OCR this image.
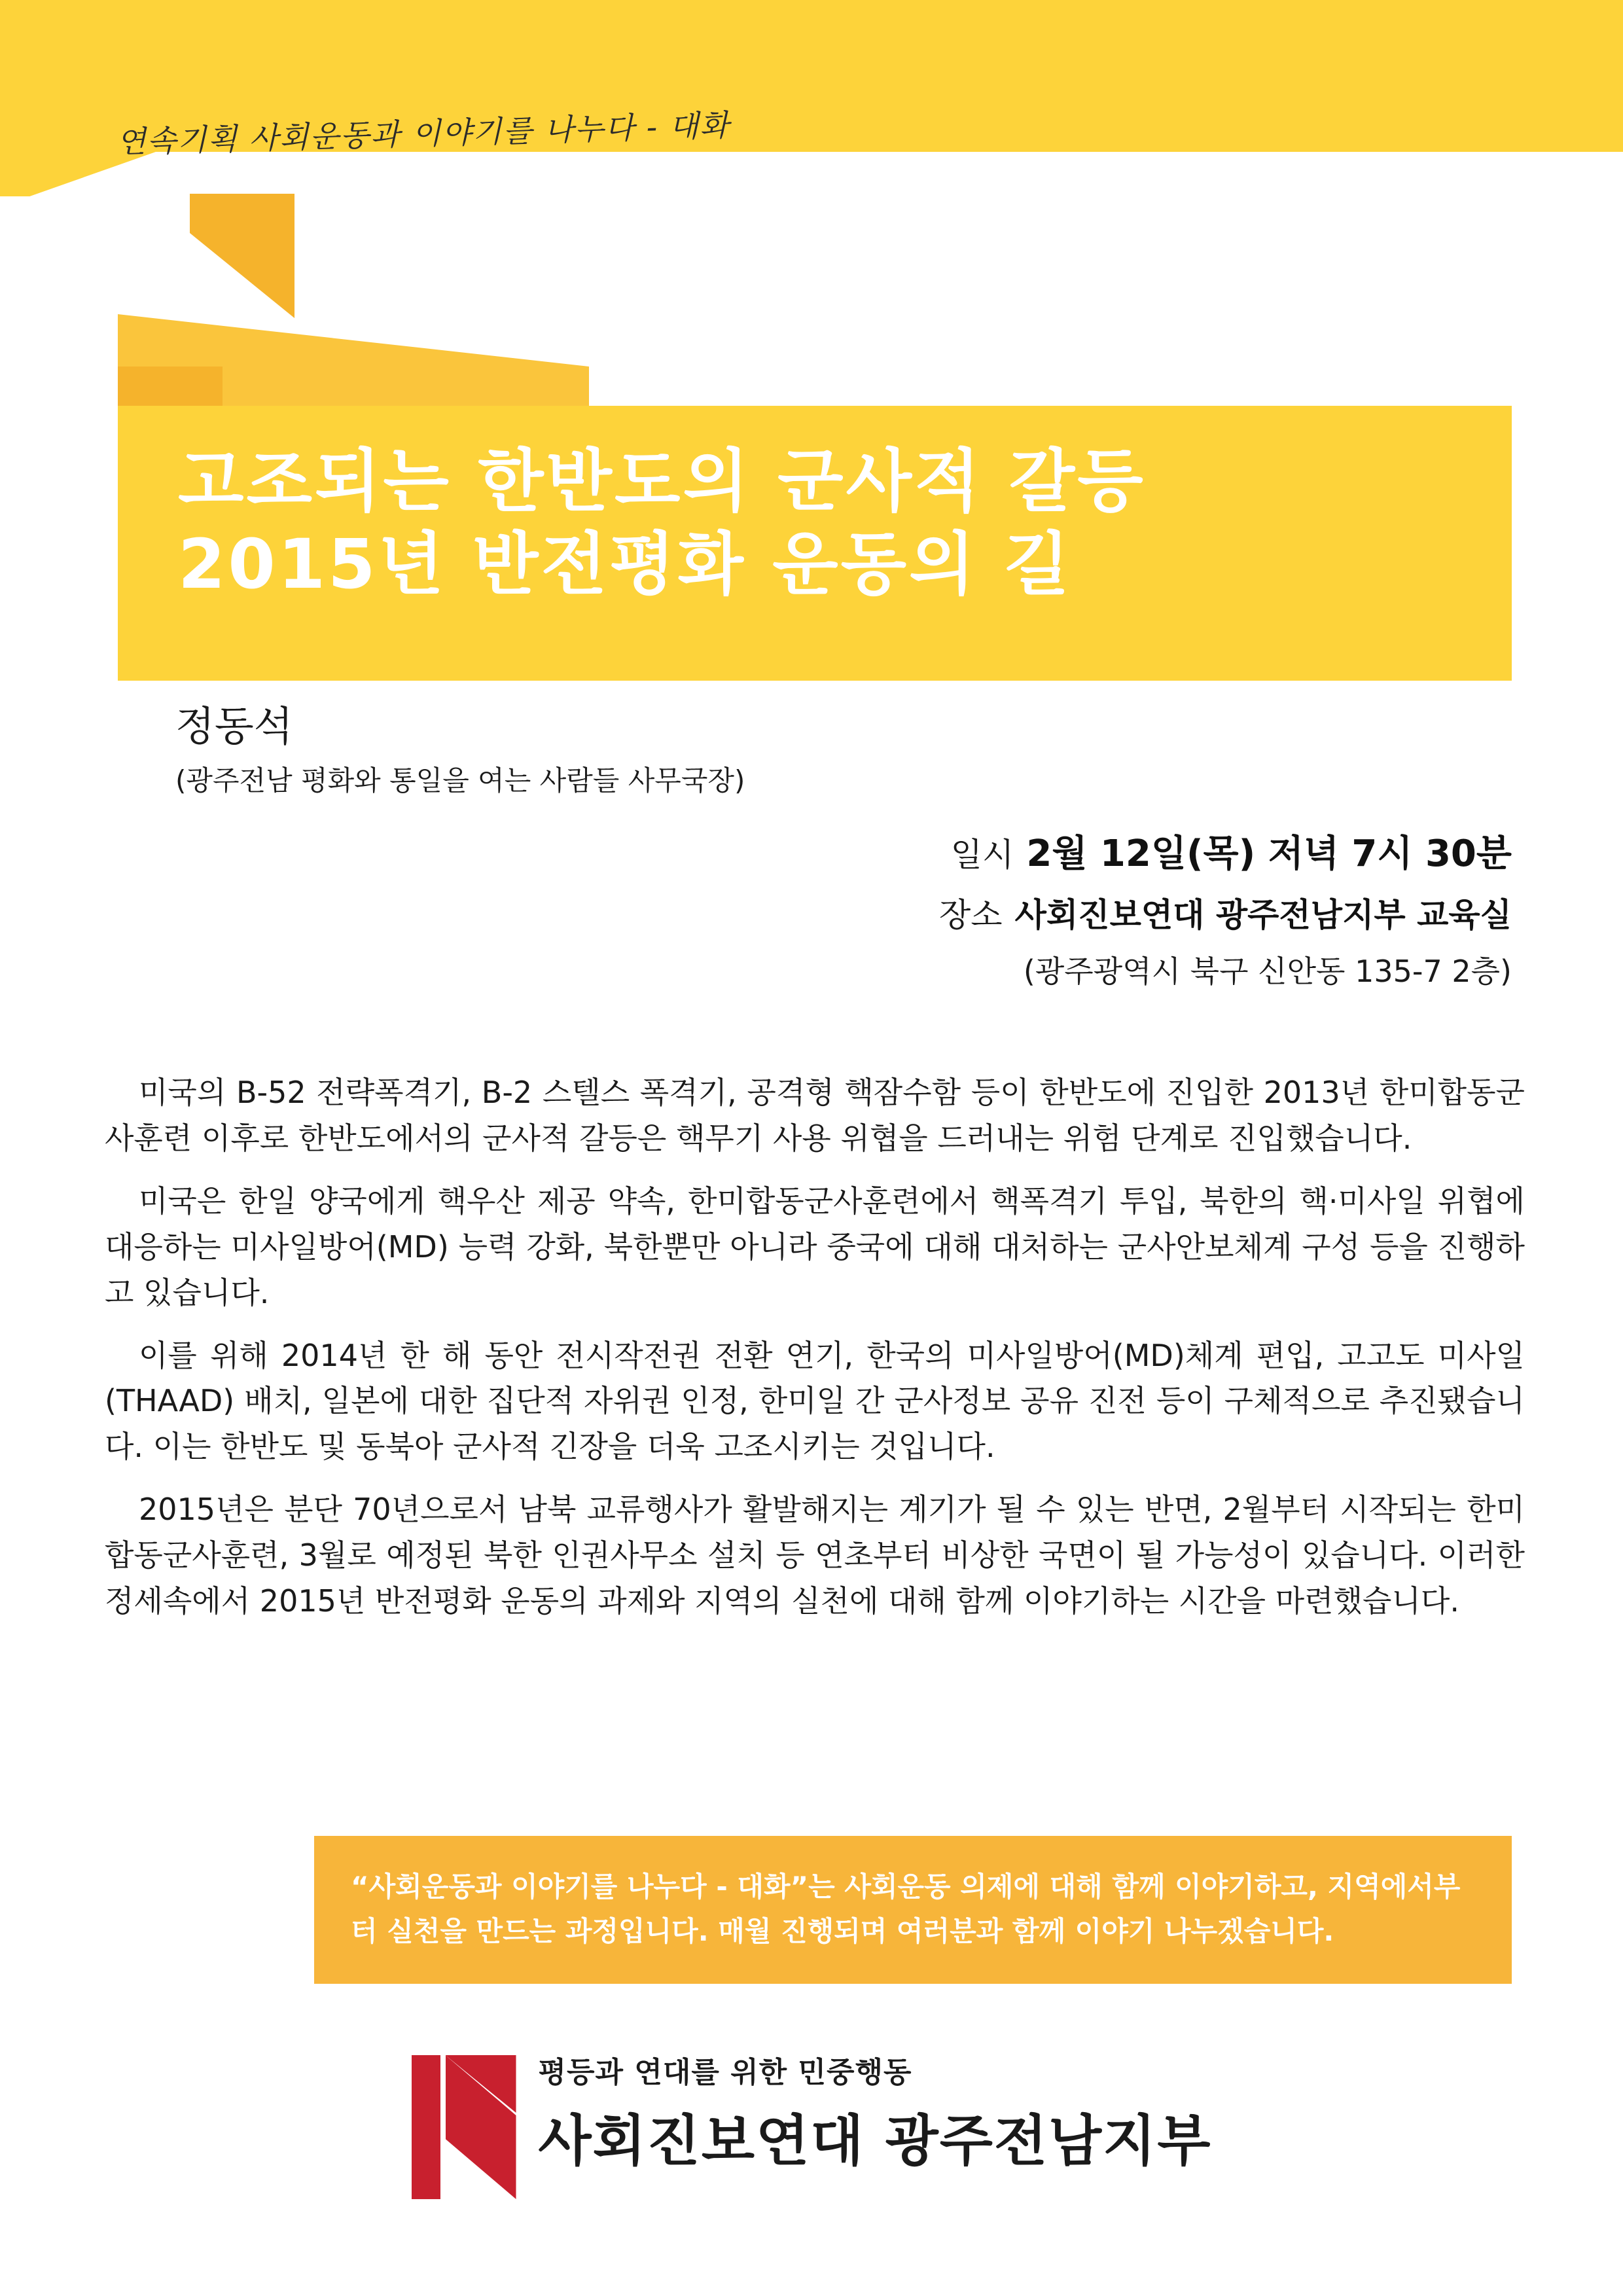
연속기획 사회운동과 이야기를 나누다 - 대화
고조되는 한반도의 군사적 갈등
2015년 반전평화 운동의 길
정동석
(광주전남 평화와 통일을 여는 사람들 사무국장)
일시 2월 12일(목) 저녁 7시 30분
장소 사회진보연대 광주전남지부 교육실
(광주광역시 북구 신안동 135-7 2층)

미국의 B-52 전략폭격기, B-2 스텔스 폭격기, 공격형 핵잠수함 등이 한반도에 진입한 2013년 한미합동군사훈련 이후로 한반도에서의 군사적 갈등은 핵무기 사용 위협을 드러내는 위험 단계로 진입했습니다.

미국은 한일 양국에게 핵우산 제공 약속, 한미합동군사훈련에서 핵폭격기 투입, 북한의 핵·미사일 위협에 대응하는 미사일방어(MD) 능력 강화, 북한뿐만 아니라 중국에 대해 대처하는 군사안보체계 구성 등을 진행하고 있습니다.

이를 위해 2014년 한 해 동안 전시작전권 전환 연기, 한국의 미사일방어(MD)체계 편입, 고고도 미사일(THAAD) 배치, 일본에 대한 집단적 자위권 인정, 한미일 간 군사정보 공유 진전 등이 구체적으로 추진됐습니다. 이는 한반도 및 동북아 군사적 긴장을 더욱 고조시키는 것입니다.

2015년은 분단 70년으로서 남북 교류행사가 활발해지는 계기가 될 수 있는 반면, 2월부터 시작되는 한미합동군사훈련, 3월로 예정된 북한 인권사무소 설치 등 연초부터 비상한 국면이 될 가능성이 있습니다. 이러한 정세속에서 2015년 반전평화 운동의 과제와 지역의 실천에 대해 함께 이야기하는 시간을 마련했습니다.

“사회운동과 이야기를 나누다 - 대화”는 사회운동 의제에 대해 함께 이야기하고, 지역에서부터 실천을 만드는 과정입니다. 매월 진행되며 여러분과 함께 이야기 나누겠습니다.

평등과 연대를 위한 민중행동
사회진보연대 광주전남지부
